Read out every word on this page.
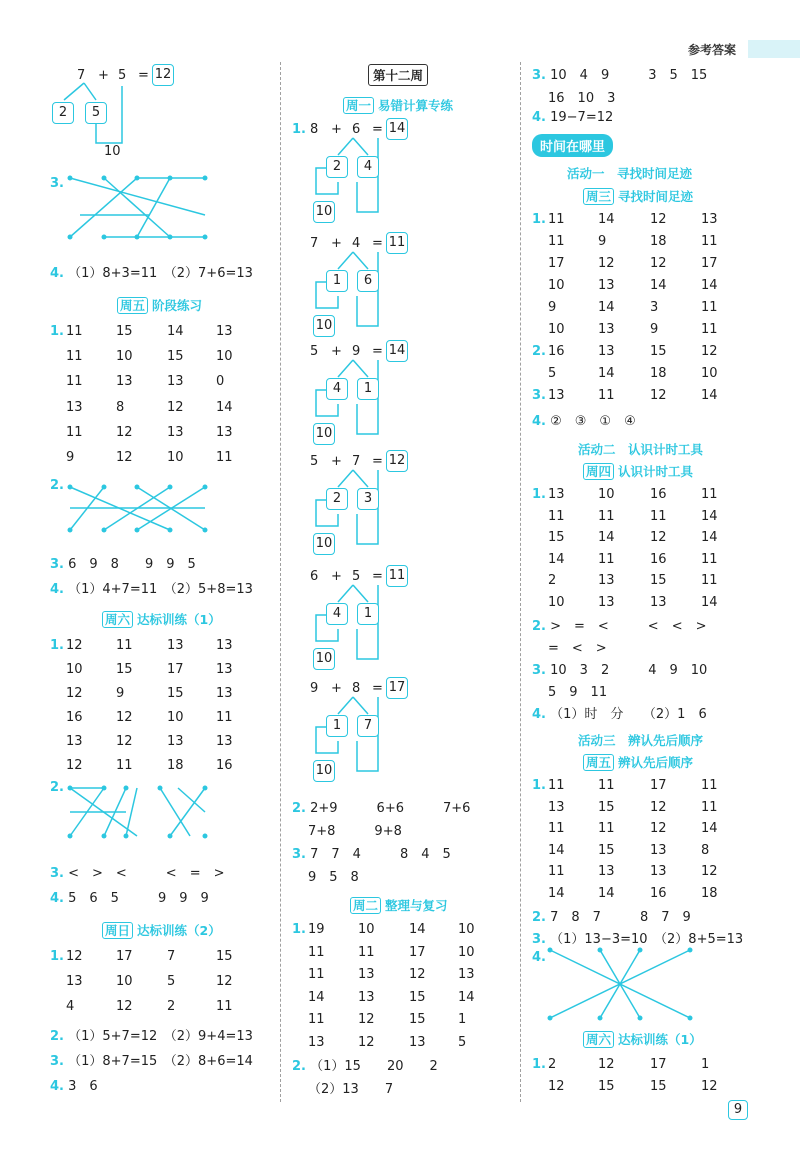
参考答案
7 + 5 = 12
2	5
10
3.
4. （1）8+3=11　（2）7+6=13
周五 阶段练习
1. 11	15	14 13
11	10	15 10
11	13	13 0
13	8	12 14
11	12	13 13
9	12	10 11
2.
3. 6　9　8　　9　9　5
4. （1）4+7=11　（2）5+8=13
周六 达标训练（1）
1. 12	11	13 13
10	15	17 13
12	9	15 13
16	12	10 11
13	12	13 13
12	11	18 16
2.
3. <　>　<　　　<　=　>
4. 5　6　5　　　9　9　9
周日 达标训练（2）
1. 12	17	7	15
13	10	5	12
4	12	2	11
2. （1）5+7=12　（2）9+4=13
3. （1）8+7=15　（2）8+6=14
4. 3　6
第十二周
周一 易错计算专练
1. 8 + 6 = 14
2	4
10
7 + 4 = 11
1	6
10
5 + 9 = 14
4	1
10
5 + 7 = 12
2	3
10
6 + 5 = 11
4	1
10
9 + 8 = 17
1	7
10
2. 2+9　　　6+6　　　7+6
7+8　　　9+8
3. 7　7　4　　　8　4　5
9　5　8
周二 整理与复习
1. 19	10	14 10
11	11	17 10
11	13	12 13
14	13	15 14
11	12	15 1
13	12	13 5
2. （1）15　　20　　2
（2）13　　7
3. 10　4　9　　　3　5　15
16　10　3
4. 19−7=12
时间在哪里
活动一　寻找时间足迹
周三 寻找时间足迹
1. 11	14	12	13
11	9	18	11
17	12	12	17
10	13	14	14
9	14	3	11
10	13	9	11
2. 16	13	15	12
5	14	18	10
3. 13	11	12	14
4. ②　③　①　④
活动二　认识计时工具
周四 认识计时工具
1. 13	10	16	11
11	11	11	14
15	14	12	14
14	11	16	11
2	13	15	11
10	13	13	14
2. >　=　<　　　<　<　>
=　<　>
3. 10　3　2　　　4　9　10
5　9　11
4. （1）时　分　　（2）1　6
活动三　辨认先后顺序
周五 辨认先后顺序
1. 11	11	17	11
13	15	12	11
11	11	12	14
14	15	13	8
11	13	13	12
14	14	16	18
2. 7　8　7　　　8　7　9
3. （1）13−3=10　（2）8+5=13
4.
周六 达标训练（1）
1. 2	12	17	1
12	15	15	12
9
